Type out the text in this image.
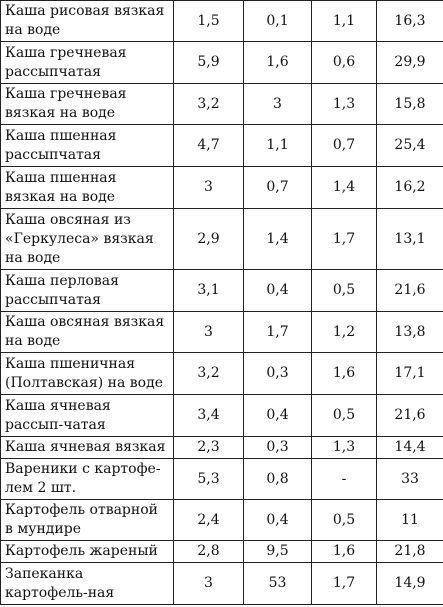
Каша рисовая вязкая на воде	1,5	0,1	1,1	16,3
Каша гречневая рассыпчатая	5,9	1,6	0,6	29,9
Каша гречневая вязкая на воде	3,2	3	1,3	15,8
Каша пшенная рассыпчатая	4,7	1,1	0,7	25,4
Каша пшенная вязкая на воде	3	0,7	1,4	16,2
Каша овсяная из «Геркулеса» вязкая на воде	2,9	1,4	1,7	13,1
Каша перловая рассыпчатая	3,1	0,4	0,5	21,6
Каша овсяная вязкая на воде	3	1,7	1,2	13,8
Каша пшеничная (Полтавская) на воде	3,2	0,3	1,6	17,1
Каша ячневая рассып-чатая	3,4	0,4	0,5	21,6
Каша ячневая вязкая	2,3	0,3	1,3	14,4
Вареники с картофе-лем 2 шт.	5,3	0,8	-	33
Картофель отварной в мундире	2,4	0,4	0,5	11
Картофель жареный	2,8	9,5	1,6	21,8
Запеканка картофель-ная	3	53	1,7	14,9
